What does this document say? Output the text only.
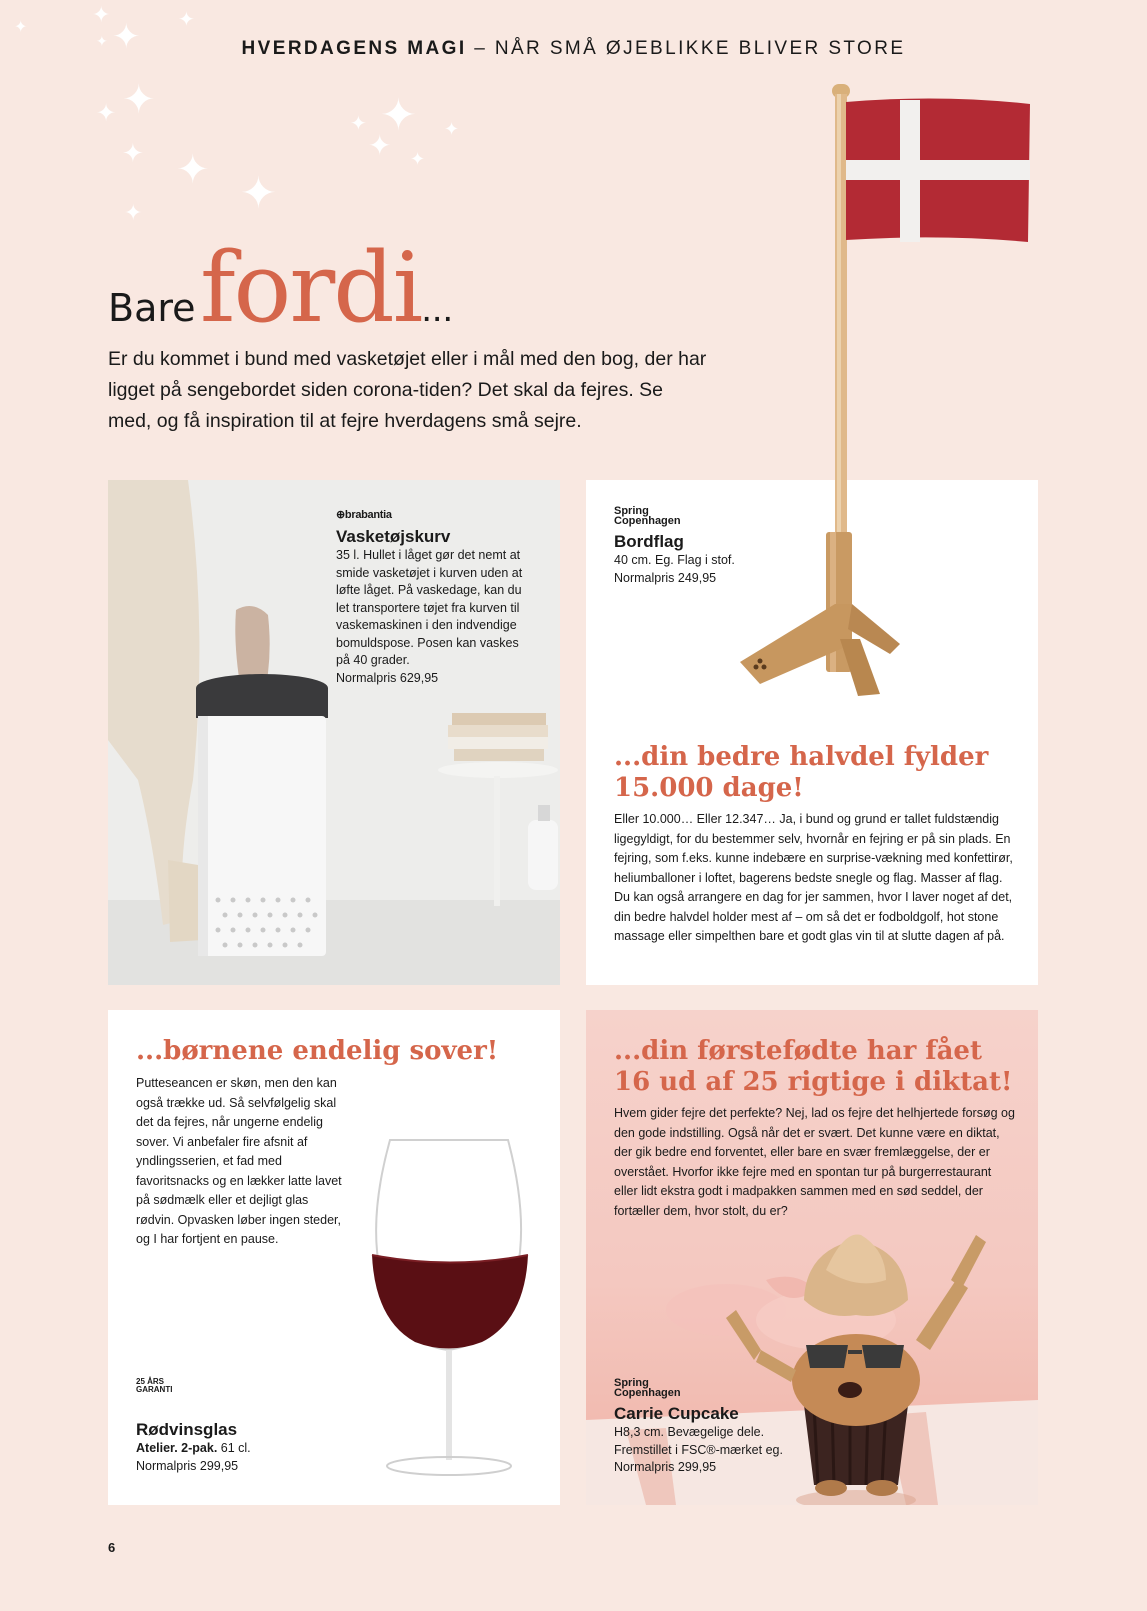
HVERDAGENS MAGI – NÅR SMÅ ØJEBLIKKE BLIVER STORE
✦
✦ ✦
✦
✦
✦	✦
✦	✦	✦
✦
✦ ✦	✦
✦
✦
Bare fordi...

Er du kommet i bund med vasketøjet eller i mål med den bog, der har ligget på sengebordet siden corona-tiden? Det skal da fejres. Se med, og få inspiration til at fejre hverdagens små sejre.

⊕brabantia
Vasketøjskurv
35 l. Hullet i låget gør det nemt at smide vasketøjet i kurven uden at løfte låget. På vaskedage, kan du let transportere tøjet fra kurven til vaskemaskinen i den indvendige bomuldspose. Posen kan vaskes på 40 grader.
Normalpris 629,95
Spring
Copenhagen
Bordflag
40 cm. Eg. Flag i stof.
Normalpris 249,95
...din bedre halvdel fylder 15.000 dage!

Eller 10.000… Eller 12.347… Ja, i bund og grund er tallet fuldstændig ligegyldigt, for du bestemmer selv, hvornår en fejring er på sin plads. En fejring, som f.eks. kunne indebære en surprise-vækning med konfettirør, heliumballoner i loftet, bagerens bedste snegle og flag. Masser af flag. Du kan også arrangere en dag for jer sammen, hvor I laver noget af det, din bedre halvdel holder mest af – om så det er fodboldgolf, hot stone massage eller simpelthen bare et godt glas vin til at slutte dagen af på.

...børnene endelig sover!

Putteseancen er skøn, men den kan også trække ud. Så selvfølgelig skal det da fejres, når ungerne endelig sover. Vi anbefaler fire afsnit af yndlingsserien, et fad med favoritsnacks og en lækker latte lavet på sødmælk eller et dejligt glas rødvin. Opvasken løber ingen steder, og I har fortjent en pause.

25 ÅRS
GARANTI
Rødvinsglas
Atelier. 2-pak. 61 cl.
Normalpris 299,95
...din førstefødte har fået 16 ud af 25 rigtige i diktat!

Hvem gider fejre det perfekte? Nej, lad os fejre det helhjertede forsøg og den gode indstilling. Også når det er svært. Det kunne være en diktat, der gik bedre end forventet, eller bare en svær fremlæggelse, der er overstået. Hvorfor ikke fejre med en spontan tur på burgerrestaurant eller lidt ekstra godt i madpakken sammen med en sød seddel, der fortæller dem, hvor stolt, du er?

Spring
Copenhagen
Carrie Cupcake
H8,3 cm. Bevægelige dele.
Fremstillet i FSC®-mærket eg.
Normalpris 299,95
6
